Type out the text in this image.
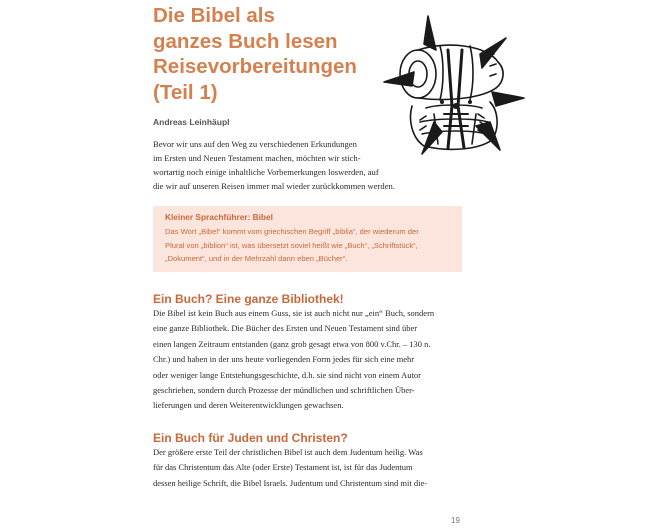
Die Bibel als
ganzes Buch lesen
Reisevorbereitungen
(Teil 1)
Andreas Leinhäupl
Bevor wir uns auf den Weg zu verschiedenen Erkundungen
im Ersten und Neuen Testament machen, möchten wir stich-
wortartig noch einige inhaltliche Vorbemerkungen loswerden, auf
die wir auf unseren Reisen immer mal wieder zurückkommen werden.
Kleiner Sprachführer: Bibel
Das Wort „Bibel“ kommt vom griechischen Begriff „biblia“, der wiederum der
Plural von „biblion“ ist, was übersetzt soviel heißt wie „Buch“, „Schriftstück“,
„Dokument“, und in der Mehrzahl dann eben „Bücher“.
Ein Buch? Eine ganze Bibliothek!
Die Bibel ist kein Buch aus einem Guss, sie ist auch nicht nur „ein“ Buch, sondern
eine ganze Bibliothek. Die Bücher des Ersten und Neuen Testament sind über
einen langen Zeitraum entstanden (ganz grob gesagt etwa von 800 v.Chr. – 130 n.
Chr.) und haben in der uns heute vorliegenden Form jedes für sich eine mehr
oder weniger lange Entstehungsgeschichte, d.h. sie sind nicht von einem Autor
geschrieben, sondern durch Prozesse der mündlichen und schriftlichen Über-
lieferungen und deren Weiterentwicklungen gewachsen.
Ein Buch für Juden und Christen?
Der größere erste Teil der christlichen Bibel ist auch dem Judentum heilig. Was
für das Christentum das Alte (oder Erste) Testament ist, ist für das Judentum
dessen heilige Schrift, die Bibel Israels. Judentum und Christentum sind mit die-
19
